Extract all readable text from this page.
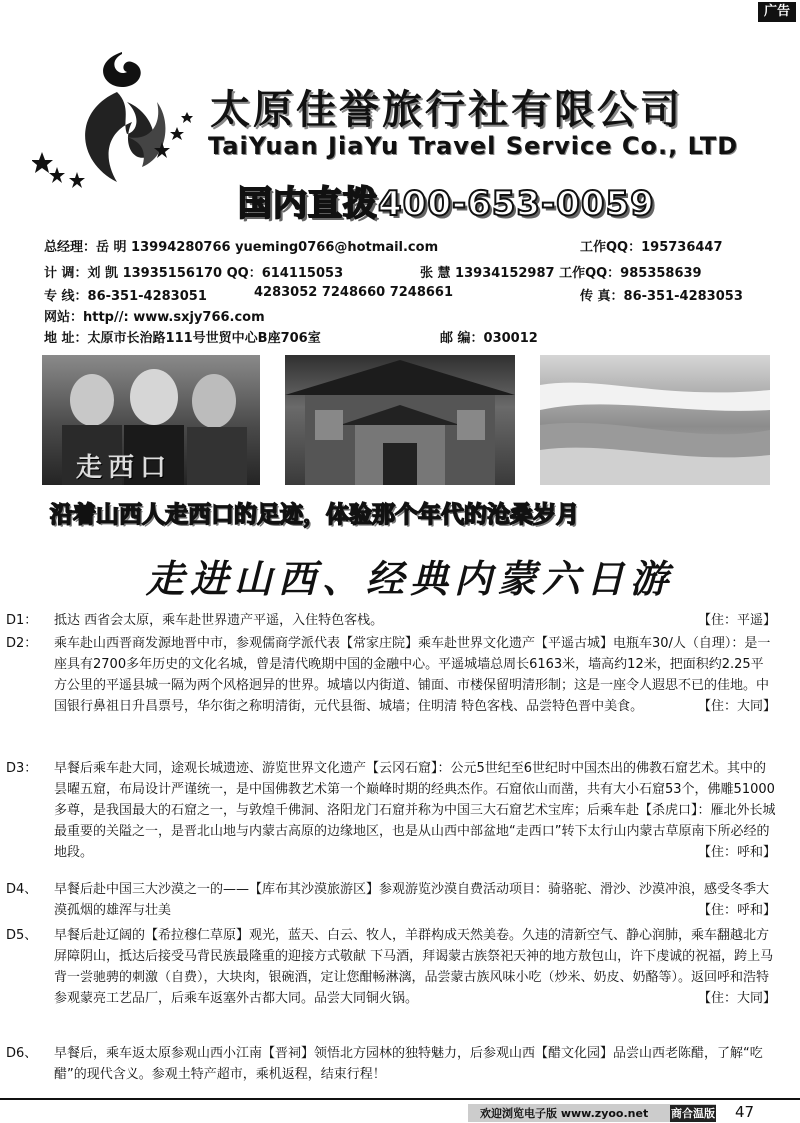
广告
太原佳誉旅行社有限公司
TaiYuan JiaYu Travel Service Co., LTD
国内直拨400-653-0059
总经理：岳 明 13994280766 yueming0766@hotmail.com	工作QQ：195736447
计 调：刘 凯 13935156170 QQ：614115053	张 慧 13934152987 工作QQ：985358639
专 线：86-351-4283051	4283052 7248660 7248661	传 真：86-351-4283053
网站：http//: www.sxjy766.com
地 址：太原市长治路111号世贸中心B座706室	邮 编：030012
走西口
沿着山西人走西口的足迹，体验那个年代的沧桑岁月
走进山西、经典内蒙六日游
D1：	抵达 西省会太原，乘车赴世界遗产平遥，入住特色客栈。	【住：平遥】
D2：	乘车赴山西晋商发源地晋中市，参观儒商学派代表【常家庄院】乘车赴世界文化遗产【平遥古城】电瓶车30/人（自理）：是一座具有2700多年历史的文化名城，曾是清代晚期中国的金融中心。平遥城墙总周长6163米，墙高约12米，把面积约2.25平方公里的平遥县城一隔为两个风格迥异的世界。城墙以内街道、铺面、市楼保留明清形制；这是一座令人遐思不已的佳地。中国银行鼻祖日升昌票号，华尔街之称明清街，元代县衙、城墙；住明清 特色客栈、品尝特色晋中美食。	【住：大同】
D3：	早餐后乘车赴大同，途观长城遗迹、游览世界文化遗产【云冈石窟】：公元5世纪至6世纪时中国杰出的佛教石窟艺术。其中的昙曜五窟，布局设计严谨统一，是中国佛教艺术第一个巅峰时期的经典杰作。石窟依山而凿，共有大小石窟53个，佛雕51000多尊，是我国最大的石窟之一，与敦煌千佛洞、洛阳龙门石窟并称为中国三大石窟艺术宝库；后乘车赴【杀虎口】：雁北外长城最重要的关隘之一，是晋北山地与内蒙古高原的边缘地区，也是从山西中部盆地“走西口”转下太行山内蒙古草原南下所必经的地段。	【住：呼和】
D4、	早餐后赴中国三大沙漠之一的——【库布其沙漠旅游区】参观游览沙漠自费活动项目：骑骆驼、滑沙、沙漠冲浪，感受冬季大漠孤烟的雄浑与壮美	【住：呼和】
D5、	早餐后赴辽阔的【希拉穆仁草原】观光，蓝天、白云、牧人，羊群构成天然美卷。久违的清新空气、静心润肺，乘车翻越北方屏障阴山，抵达后接受马背民族最隆重的迎接方式敬献 下马酒，拜谒蒙古族祭祀天神的地方敖包山，许下虔诚的祝福，跨上马背一尝驰骋的刺激（自费），大块肉，银碗酒，定让您酣畅淋漓，品尝蒙古族风味小吃（炒米、奶皮、奶酪等）。返回呼和浩特参观蒙亮工艺品厂，后乘车返塞外古都大同。品尝大同铜火锅。	【住：大同】
D6、	早餐后，乘车返太原参观山西小江南【晋祠】领悟北方园林的独特魅力，后参观山西【醋文化园】品尝山西老陈醋，了解“吃醋”的现代含义。参观土特产超市，乘机返程，结束行程！
欢迎浏览电子版 www.zyoo.net 商合温版 47
